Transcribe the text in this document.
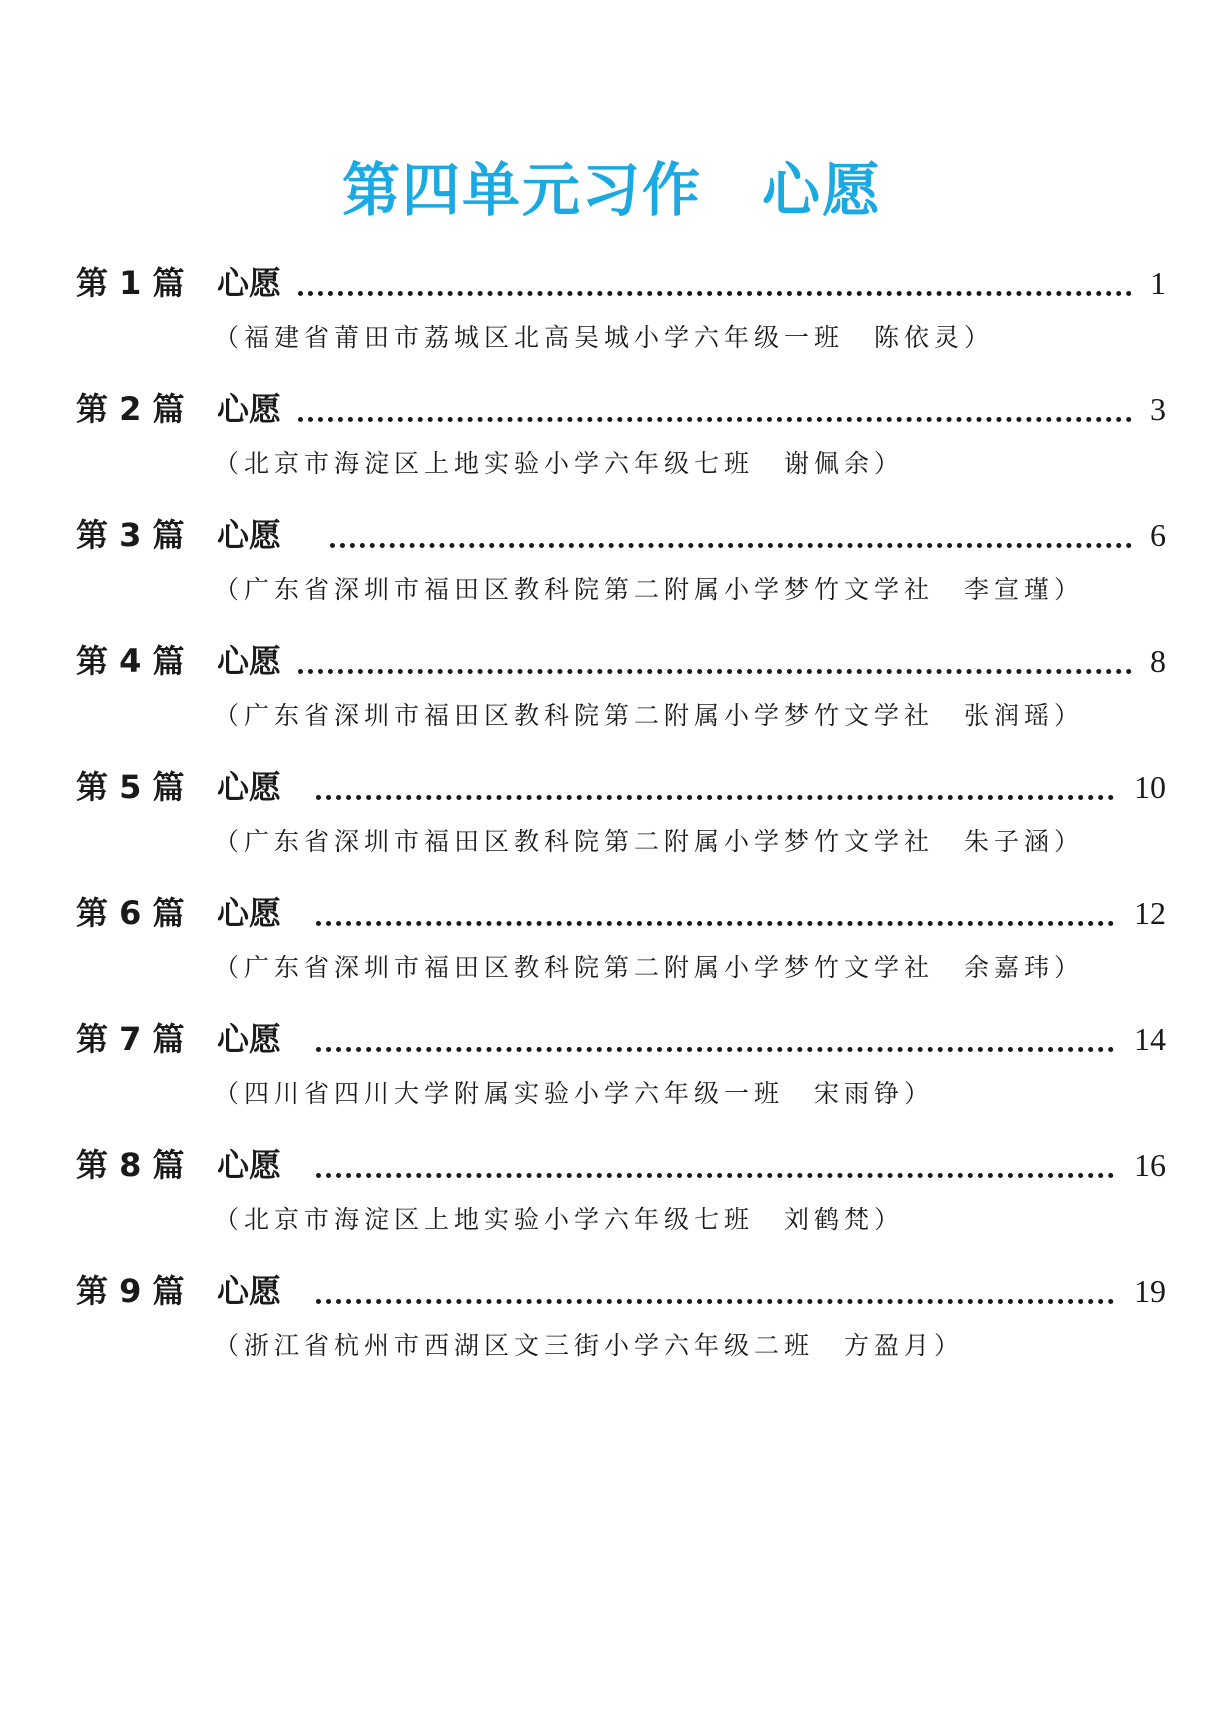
第四单元习作 心愿
第 1 篇 心愿	1
（福建省莆田市荔城区北高吴城小学六年级一班　陈依灵）
第 2 篇 心愿	3
（北京市海淀区上地实验小学六年级七班　谢佩余）
第 3 篇 心愿	6
（广东省深圳市福田区教科院第二附属小学梦竹文学社　李宣瑾）
第 4 篇 心愿	8
（广东省深圳市福田区教科院第二附属小学梦竹文学社　张润瑶）
第 5 篇 心愿	10
（广东省深圳市福田区教科院第二附属小学梦竹文学社　朱子涵）
第 6 篇 心愿	12
（广东省深圳市福田区教科院第二附属小学梦竹文学社　余嘉玮）
第 7 篇 心愿	14
（四川省四川大学附属实验小学六年级一班　宋雨铮）
第 8 篇 心愿	16
（北京市海淀区上地实验小学六年级七班　刘鹤梵）
第 9 篇 心愿	19
（浙江省杭州市西湖区文三街小学六年级二班　方盈月）
